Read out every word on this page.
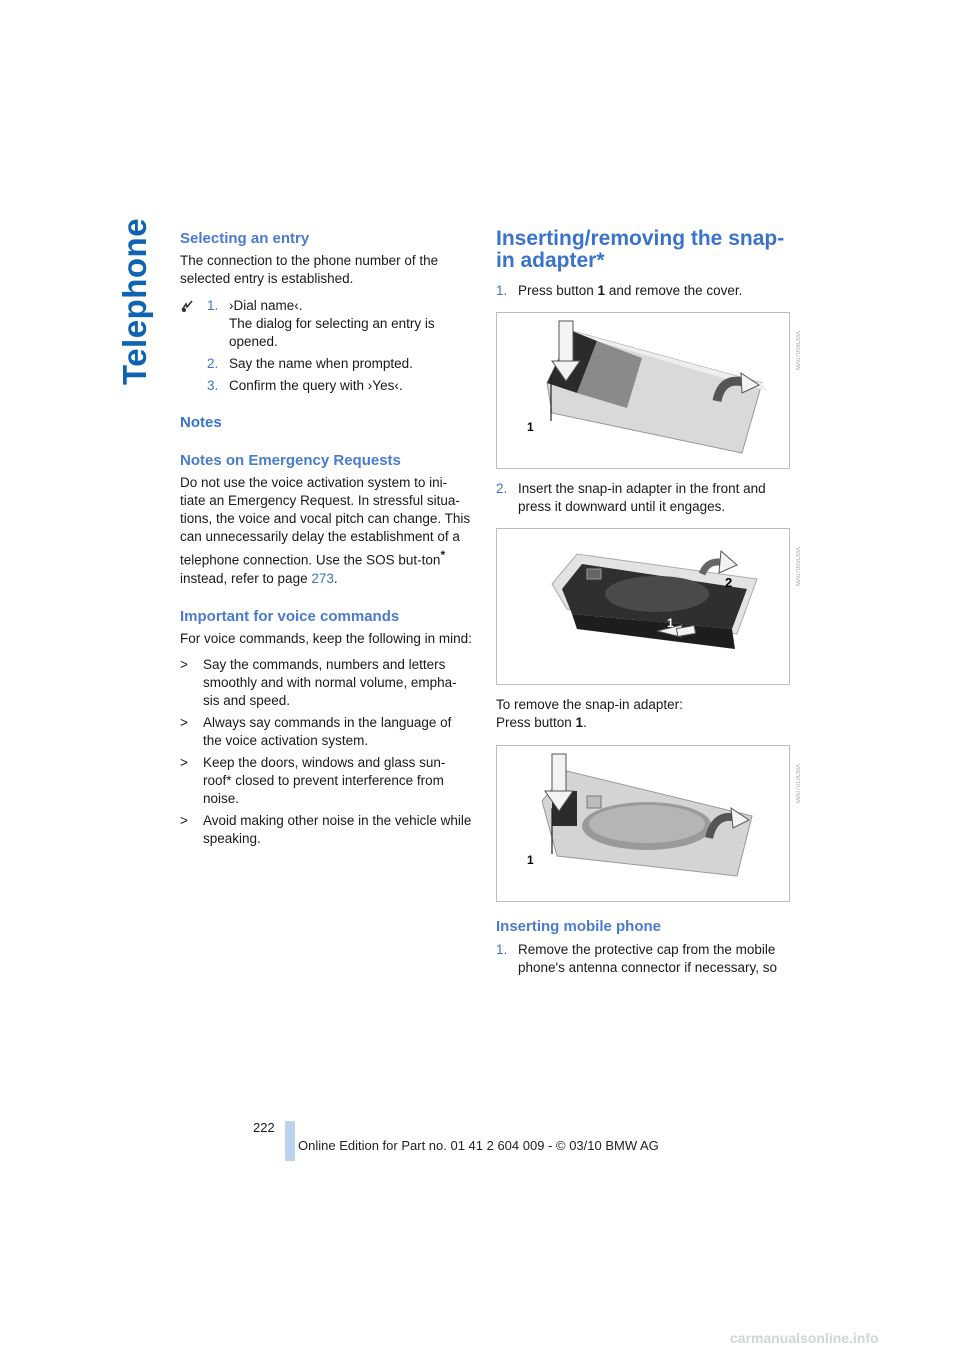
Telephone Selecting an entry

The connection to the phone number of the selected entry is established.

1. ›Dial name‹.
The dialog for selecting an entry is opened.
2. Say the name when prompted.
3. Confirm the query with ›Yes‹.
Notes
Notes on Emergency Requests

Do not use the voice activation system to ini-tiate an Emergency Request. In stressful situa-tions, the voice and vocal pitch can change. This can unnecessarily delay the establishment of a telephone connection. Use the SOS but-ton* instead, refer to page 273.

Important for voice commands

For voice commands, keep the following in mind:

> Say the commands, numbers and letters smoothly and with normal volume, empha-sis and speed.
> Always say commands in the language of the voice activation system.
> Keep the doors, windows and glass sun-roof* closed to prevent interference from noise.
> Avoid making other noise in the vehicle while speaking.
Inserting/removing the snap-in adapter*
1. Press button 1 and remove the cover.
1
MA07008CMA
2. Insert the snap-in adapter in the front and press it downward until it engages.
2
1
MA07009CMA

To remove the snap-in adapter:

Press button 1.

1
MA07010CMA
Inserting mobile phone
1. Remove the protective cap from the mobile phone's antenna connector if necessary, so
222
Online Edition for Part no. 01 41 2 604 009 - © 03/10 BMW AG
carmanualsonline.info
